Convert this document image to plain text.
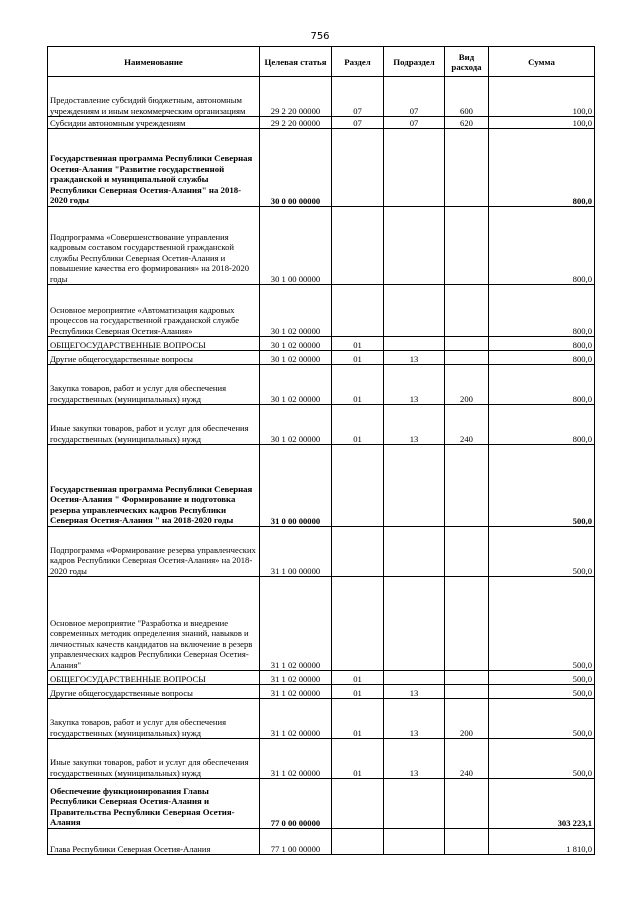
756
Наименование	Целевая статья	Раздел	Подраздел	Вид расхода	Сумма
Предоставление субсидий бюджетным, автономным учреждениям и иным некоммерческим организациям	29 2 20 00000	07	07	600	100,0
Субсидии автономным учреждениям	29 2 20 00000	07	07	620	100,0
Государственная программа Республики Северная Осетия-Алания "Развитие государственной гражданской и муниципальной службы Республики Северная Осетия-Алания" на 2018-2020 годы	30 0 00 00000				800,0
Подпрограмма «Совершенствование управления кадровым составом государственной гражданской службы Республики Северная Осетия-Алания и повышение качества его формирования» на 2018-2020 годы	30 1 00 00000				800,0
Основное мероприятие «Автоматизация кадровых процессов на государственной гражданской службе Республики Северная Осетия-Алания»	30 1 02 00000				800,0
ОБЩЕГОСУДАРСТВЕННЫЕ ВОПРОСЫ	30 1 02 00000	01			800,0
Другие общегосударственные вопросы	30 1 02 00000	01	13		800,0
Закупка товаров, работ и услуг для обеспечения государственных (муниципальных) нужд	30 1 02 00000	01	13	200	800,0
Иные закупки товаров, работ и услуг для обеспечения государственных (муниципальных) нужд	30 1 02 00000	01	13	240	800,0
Государственная программа Республики Северная Осетия-Алания " Формирование и подготовка резерва управленческих кадров Республики Северная Осетия-Алания " на 2018-2020 годы	31 0 00 00000				500,0
Подпрограмма «Формирование резерва управленческих кадров Республики Северная Осетия-Алания» на 2018-2020 годы	31 1 00 00000				500,0
Основное мероприятие "Разработка и внедрение современных методик определения знаний, навыков и личностных качеств кандидатов на включение в резерв управленческих кадров Республики Северная Осетия-Алания"	31 1 02 00000				500,0
ОБЩЕГОСУДАРСТВЕННЫЕ ВОПРОСЫ	31 1 02 00000	01			500,0
Другие общегосударственные вопросы	31 1 02 00000	01	13		500,0
Закупка товаров, работ и услуг для обеспечения государственных (муниципальных) нужд	31 1 02 00000	01	13	200	500,0
Иные закупки товаров, работ и услуг для обеспечения государственных (муниципальных) нужд	31 1 02 00000	01	13	240	500,0
Обеспечение функционирования Главы Республики Северная Осетия-Алания и Правительства Республики Северная Осетия-Алания	77 0 00 00000				303 223,1
Глава Республики Северная Осетия-Алания	77 1 00 00000				1 810,0
